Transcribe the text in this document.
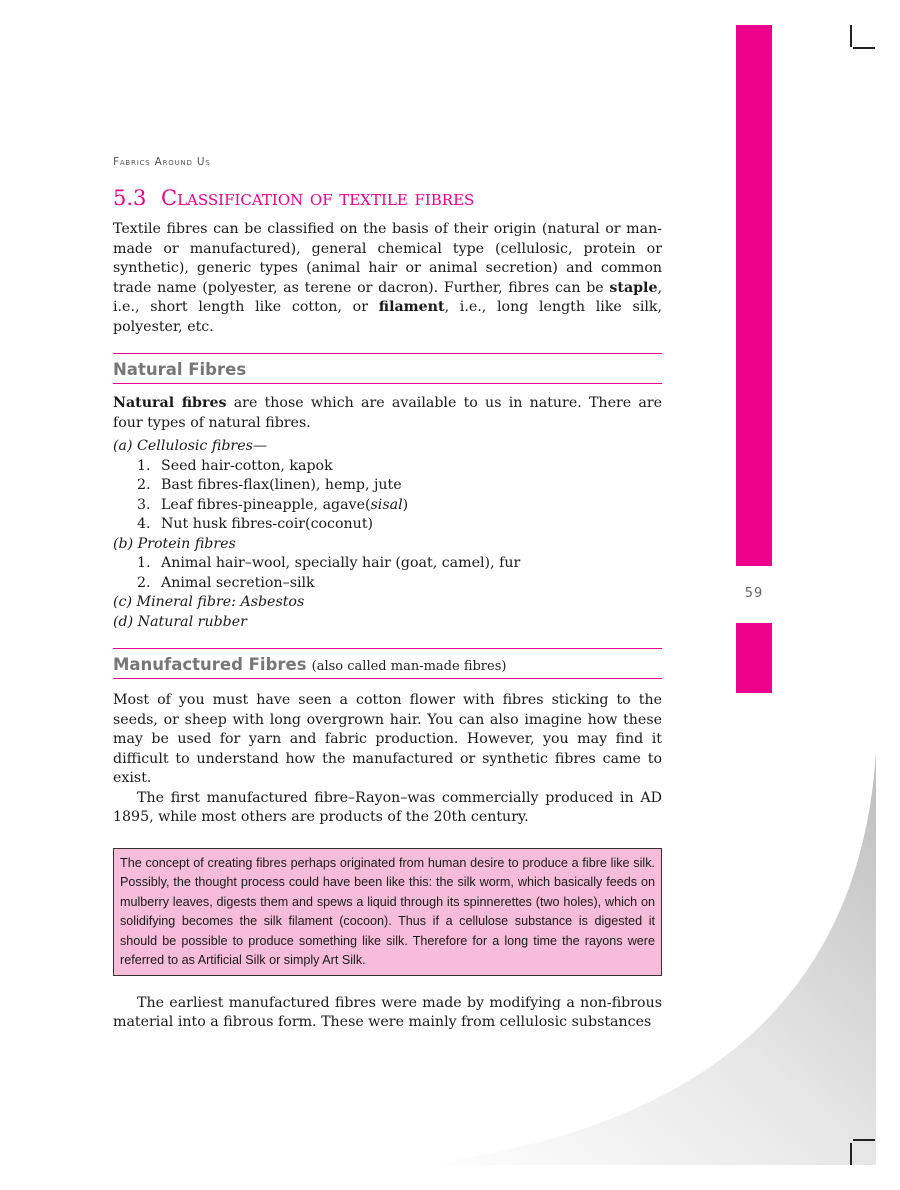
59
Fabrics Around Us
5.3 Classification of textile fibres

Textile fibres can be classified on the basis of their origin (natural or man-made or manufactured), general chemical type (cellulosic, protein or synthetic), generic types (animal hair or animal secretion) and common trade name (polyester, as terene or dacron). Further, fibres can be staple, i.e., short length like cotton, or filament, i.e., long length like silk, polyester, etc.

Natural Fibres

Natural fibres are those which are available to us in nature. There are four types of natural fibres.

(a) Cellulosic fibres—
1. Seed hair-cotton, kapok
2. Bast fibres-flax(linen), hemp, jute
3. Leaf fibres-pineapple, agave(sisal)
4. Nut husk fibres-coir(coconut)
(b) Protein fibres
1. Animal hair–wool, specially hair (goat, camel), fur
2. Animal secretion–silk
(c) Mineral fibre: Asbestos
(d) Natural rubber
Manufactured Fibres (also called man-made fibres)

Most of you must have seen a cotton flower with fibres sticking to the seeds, or sheep with long overgrown hair. You can also imagine how these may be used for yarn and fabric production. However, you may find it difficult to understand how the manufactured or synthetic fibres came to exist.

The first manufactured fibre–Rayon–was commercially produced in AD 1895, while most others are products of the 20th century.

The concept of creating fibres perhaps originated from human desire to produce a fibre like silk. Possibly, the thought process could have been like this: the silk worm, which basically feeds on mulberry leaves, digests them and spews a liquid through its spinnerettes (two holes), which on solidifying becomes the silk filament (cocoon). Thus if a cellulose substance is digested it should be possible to produce something like silk. Therefore for a long time the rayons were referred to as Artificial Silk or simply Art Silk.

The earliest manufactured fibres were made by modifying a non-fibrous material into a fibrous form. These were mainly from cellulosic substances
